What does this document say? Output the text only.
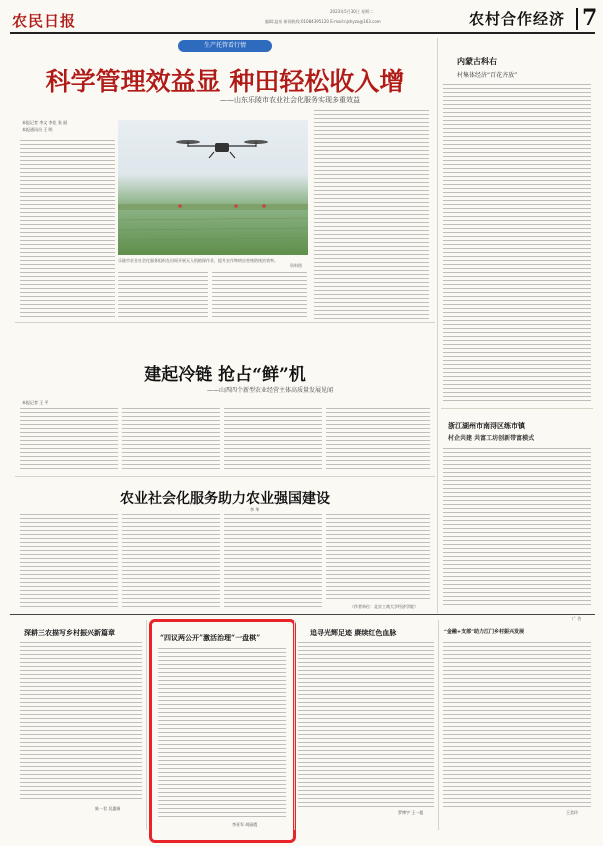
农民日报
2023年5月30日 星期二
编辑:温泉 新闻热线:01084395120 E-mail:njshyzx@163.com	农村合作经济 7
生产托管看行情
科学管理效益显 种田轻松收入增
——山东乐陵市农业社会化服务实现多重效益
本报记者 李文 李佳 张 丽
本报通讯员 王 明
乐陵市农业社会化服务组织在田间开展无人机植保作业，提升农作物病虫害统防统治效率。
资料图
内蒙古科右
村集体经济“百花齐放”
浙江湖州市南浔区练市镇
村企共建 共富工坊创新带富模式
建起冷链 抢占“鲜”机
——山西四个新型农业经营主体高质量发展见闻
本报记者 王 平
农业社会化服务助力农业强国建设
李 华
（作者单位：北京工商大学经济学院）
广 告
深耕三农描写乡村振兴新篇章
陈一君 吴惠娟
“四议两公开”激活治理“一盘棋”
李亚军 胡丽霞
追寻光辉足迹 赓续红色血脉
罗博宇 王一超
“金融+支部”助力江门乡村振兴发展
王美玲
